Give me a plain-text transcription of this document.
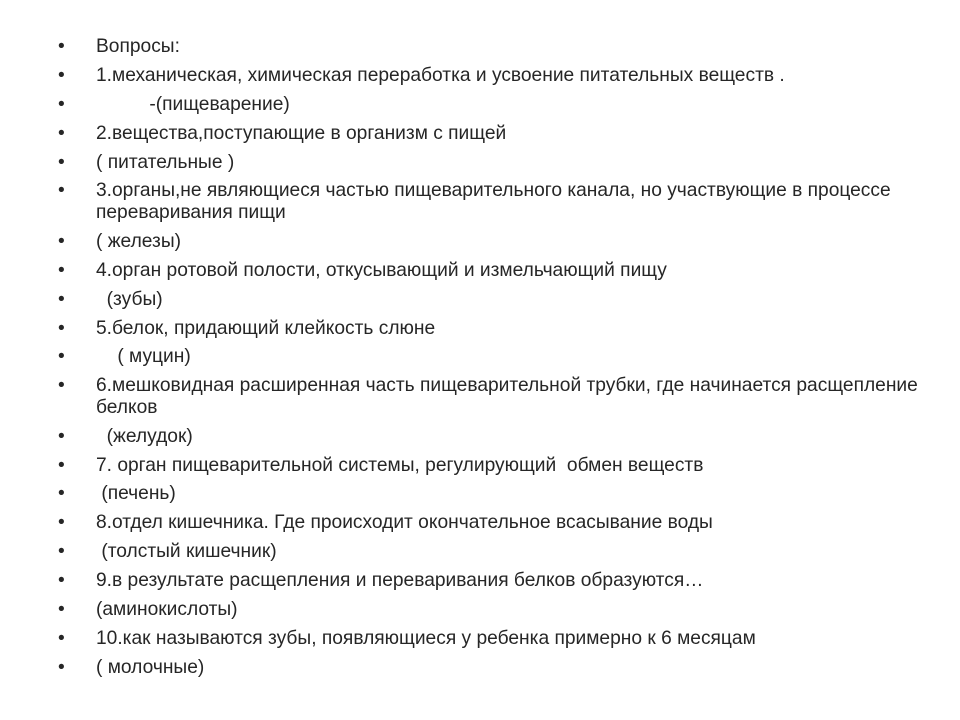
•	Вопросы:
•	1.механическая, химическая переработка и усвоение питательных веществ .
•	-(пищеварение)
•	2.вещества,поступающие в организм с пищей
•	( питательные )
•	3.органы,не являющиеся частью пищеварительного канала, но участвующие в процессе переваривания пищи
•	( железы)
•	4.орган ротовой полости, откусывающий и измельчающий пищу
•	(зубы)
•	5.белок, придающий клейкость слюне
•	( муцин)
•	6.мешковидная расширенная часть пищеварительной трубки, где начинается расщепление  белков
•	(желудок)
•	7. орган пищеварительной системы, регулирующий  обмен веществ
•	(печень)
•	8.отдел кишечника. Где происходит окончательное всасывание воды
•	(толстый кишечник)
•	9.в результате расщепления и переваривания белков образуются…
•	(аминокислоты)
•	10.как называются зубы, появляющиеся у ребенка примерно к 6 месяцам
•	( молочные)
